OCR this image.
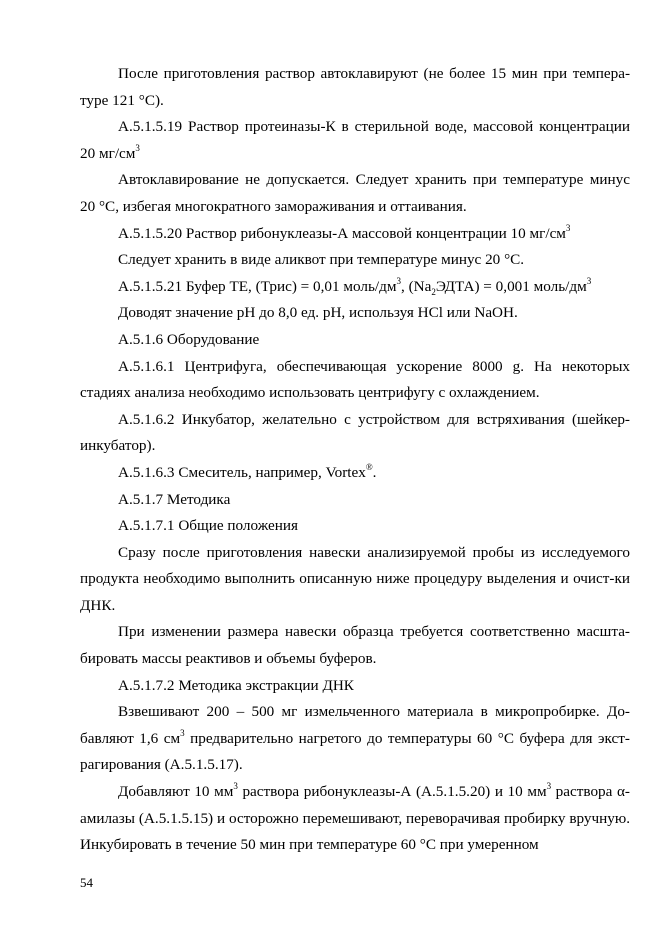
После приготовления раствор автоклавируют (не более 15 мин при темпера-туре 121 °С).

А.5.1.5.19 Раствор протеиназы-К в стерильной воде, массовой концентрации 20 $мг/см^3$

Автоклавирование не допускается. Следует хранить при температуре минус 20 °С, избегая многократного замораживания и оттаивания.

А.5.1.5.20 Раствор рибонуклеазы-А массовой концентрации 10 $мг/см^3$

Следует хранить в виде аликвот при температуре минус 20 °С.

А.5.1.5.21 Буфер ТЕ, (Трис) = 0,01 моль/$дм^3$, $(Na_2ЭДТА) = 0,001$ моль/$дм^3$

Доводят значение pH до 8,0 ед. pH, используя HCl или NaOH.

А.5.1.6 Оборудование

А.5.1.6.1 Центрифуга, обеспечивающая ускорение 8000 g. На некоторых стадиях анализа необходимо использовать центрифугу с охлаждением.

А.5.1.6.2 Инкубатор, желательно с устройством для встряхивания (шейкер-инкубатор).

А.5.1.6.3 Смеситель, например, Vortex®.

А.5.1.7 Методика

А.5.1.7.1 Общие положения

Сразу после приготовления навески анализируемой пробы из исследуемого продукта необходимо выполнить описанную ниже процедуру выделения и очист-ки ДНК.

При изменении размера навески образца требуется соответственно масшта-бировать массы реактивов и объемы буферов.

А.5.1.7.2 Методика экстракции ДНК

Взвешивают 200 – 500 мг измельченного материала в микропробирке. До-бавляют 1,6 $см^3$ предварительно нагретого до температуры 60 °С буфера для экст-рагирования (А.5.1.5.17).

Добавляют 10 $мм^3$ раствора рибонуклеазы-А (А.5.1.5.20) и 10 $мм^3$ раствора α-амилазы (А.5.1.5.15) и осторожно перемешивают, переворачивая пробирку вручную. Инкубировать в течение 50 мин при температуре 60 °С при умеренном

54
